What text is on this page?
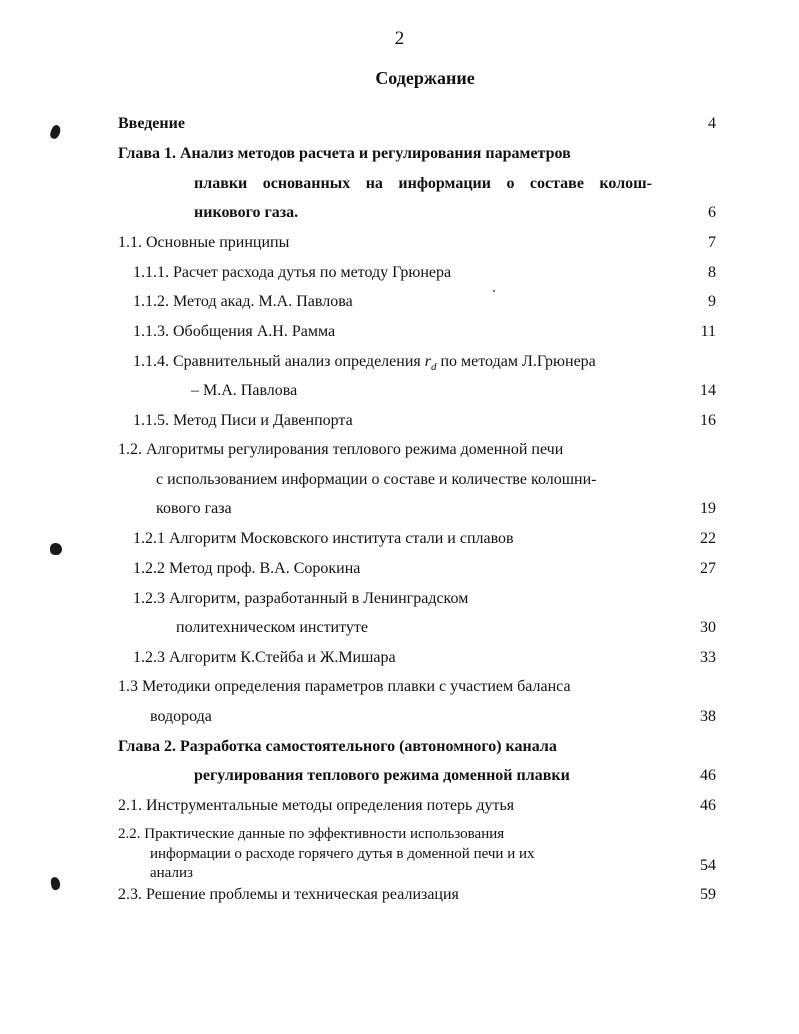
2
Содержание
Введение	4
Глава 1. Анализ методов расчета и регулирования параметров
плавки основанных на информации о составе колош-
никового газа.	6
1.1. Основные принципы	7
1.1.1. Расчет расхода дутья по методу Грюнера	8
1.1.2. Метод акад. М.А. Павлова	9
1.1.3. Обобщения А.Н. Рамма	11
1.1.4. Сравнительный анализ определения $r_d$ по методам Л.Грюнера
– М.А. Павлова	14
1.1.5. Метод Писи и Давенпорта	16
1.2. Алгоритмы регулирования теплового режима доменной печи
с использованием информации о составе и количестве колошни-
кового газа	19
1.2.1 Алгоритм Московского института стали и сплавов	22
1.2.2 Метод проф. В.А. Сорокина	27
1.2.3 Алгоритм, разработанный в Ленинградском
политехническом институте	30
1.2.3 Алгоритм К.Стейба и Ж.Мишара	33
1.3 Методики определения параметров плавки с участием баланса
водорода	38
Глава 2. Разработка самостоятельного (автономного) канала
регулирования теплового режима доменной плавки	46
2.1. Инструментальные методы определения потерь дутья	46
2.2. Практические данные по эффективности использования
информации о расходе горячего дутья в доменной печи и их
анализ	54
2.3. Решение проблемы и техническая реализация	59
